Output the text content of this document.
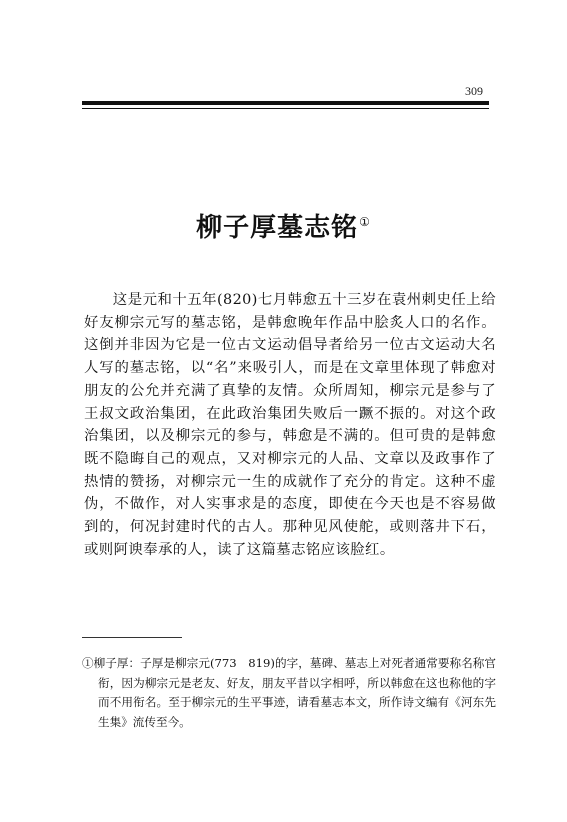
309
柳子厚墓志铭①

这是元和十五年(820)七月韩愈五十三岁在袁州刺史任上给好友柳宗元写的墓志铭，是韩愈晚年作品中脍炙人口的名作。这倒并非因为它是一位古文运动倡导者给另一位古文运动大名人写的墓志铭，以“名”来吸引人，而是在文章里体现了韩愈对朋友的公允并充满了真挚的友情。众所周知，柳宗元是参与了王叔文政治集团，在此政治集团失败后一蹶不振的。对这个政治集团，以及柳宗元的参与，韩愈是不满的。但可贵的是韩愈既不隐晦自己的观点，又对柳宗元的人品、文章以及政事作了热情的赞扬，对柳宗元一生的成就作了充分的肯定。这种不虚伪，不做作，对人实事求是的态度，即使在今天也是不容易做到的，何况封建时代的古人。那种见风使舵，或则落井下石，或则阿谀奉承的人，读了这篇墓志铭应该脸红。

①柳子厚：子厚是柳宗元(773　819)的字，墓碑、墓志上对死者通常要称名称官衔，因为柳宗元是老友、好友，朋友平昔以字相呼，所以韩愈在这也称他的字而不用衔名。至于柳宗元的生平事迹，请看墓志本文，所作诗文编有《河东先生集》流传至今。
